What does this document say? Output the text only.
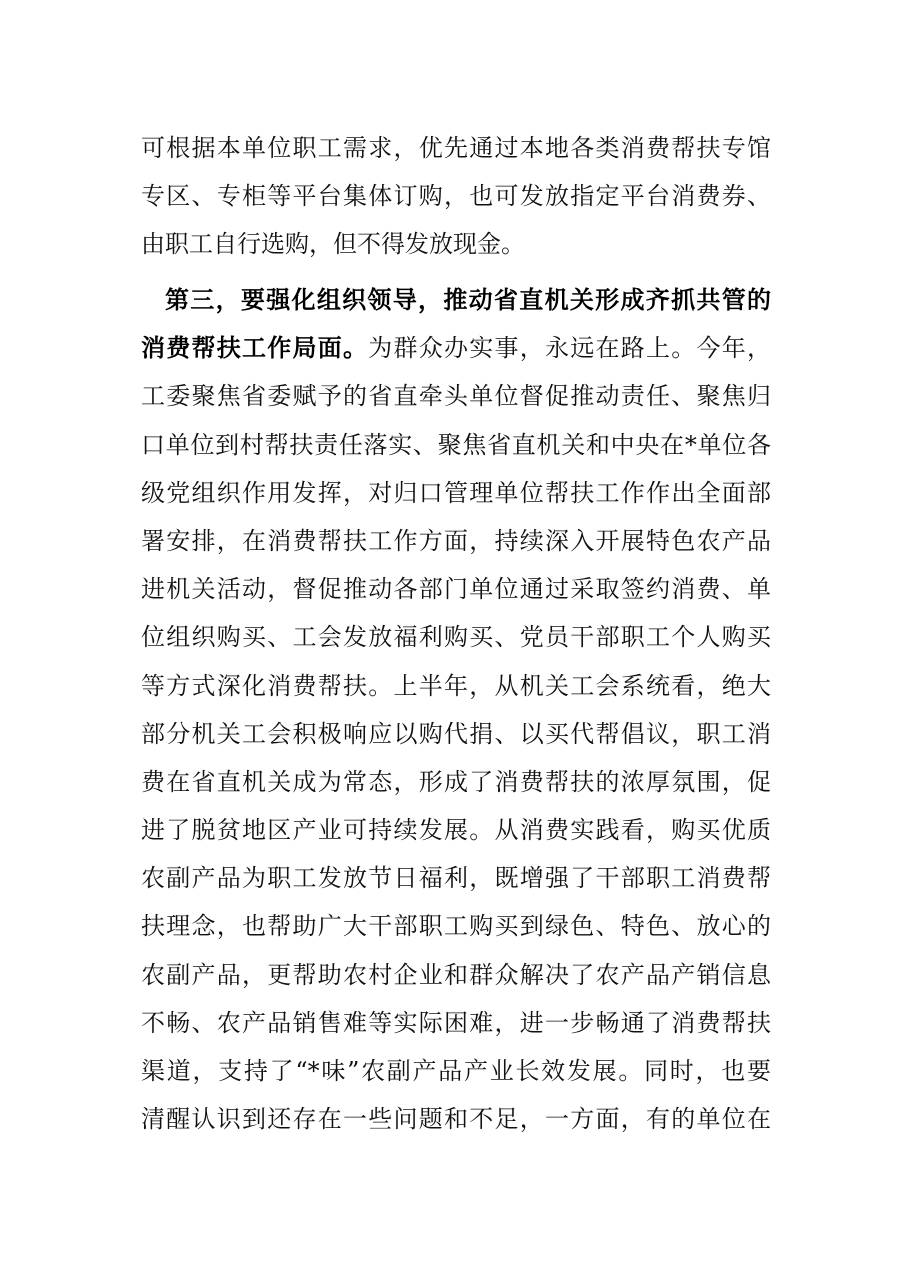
可根据本单位职工需求，优先通过本地各类消费帮扶专馆
专区、专柜等平台集体订购，也可发放指定平台消费券、
由职工自行选购，但不得发放现金。
第三，要强化组织领导，推动省直机关形成齐抓共管的
消费帮扶工作局面。为群众办实事，永远在路上。今年，
工委聚焦省委赋予的省直牵头单位督促推动责任、聚焦归
口单位到村帮扶责任落实、聚焦省直机关和中央在*单位各
级党组织作用发挥，对归口管理单位帮扶工作作出全面部
署安排，在消费帮扶工作方面，持续深入开展特色农产品
进机关活动，督促推动各部门单位通过采取签约消费、单
位组织购买、工会发放福利购买、党员干部职工个人购买
等方式深化消费帮扶。上半年，从机关工会系统看，绝大
部分机关工会积极响应以购代捐、以买代帮倡议，职工消
费在省直机关成为常态，形成了消费帮扶的浓厚氛围，促
进了脱贫地区产业可持续发展。从消费实践看，购买优质
农副产品为职工发放节日福利，既增强了干部职工消费帮
扶理念，也帮助广大干部职工购买到绿色、特色、放心的
农副产品，更帮助农村企业和群众解决了农产品产销信息
不畅、农产品销售难等实际困难，进一步畅通了消费帮扶
渠道，支持了“*味”农副产品产业长效发展。同时，也要
清醒认识到还存在一些问题和不足，一方面，有的单位在
